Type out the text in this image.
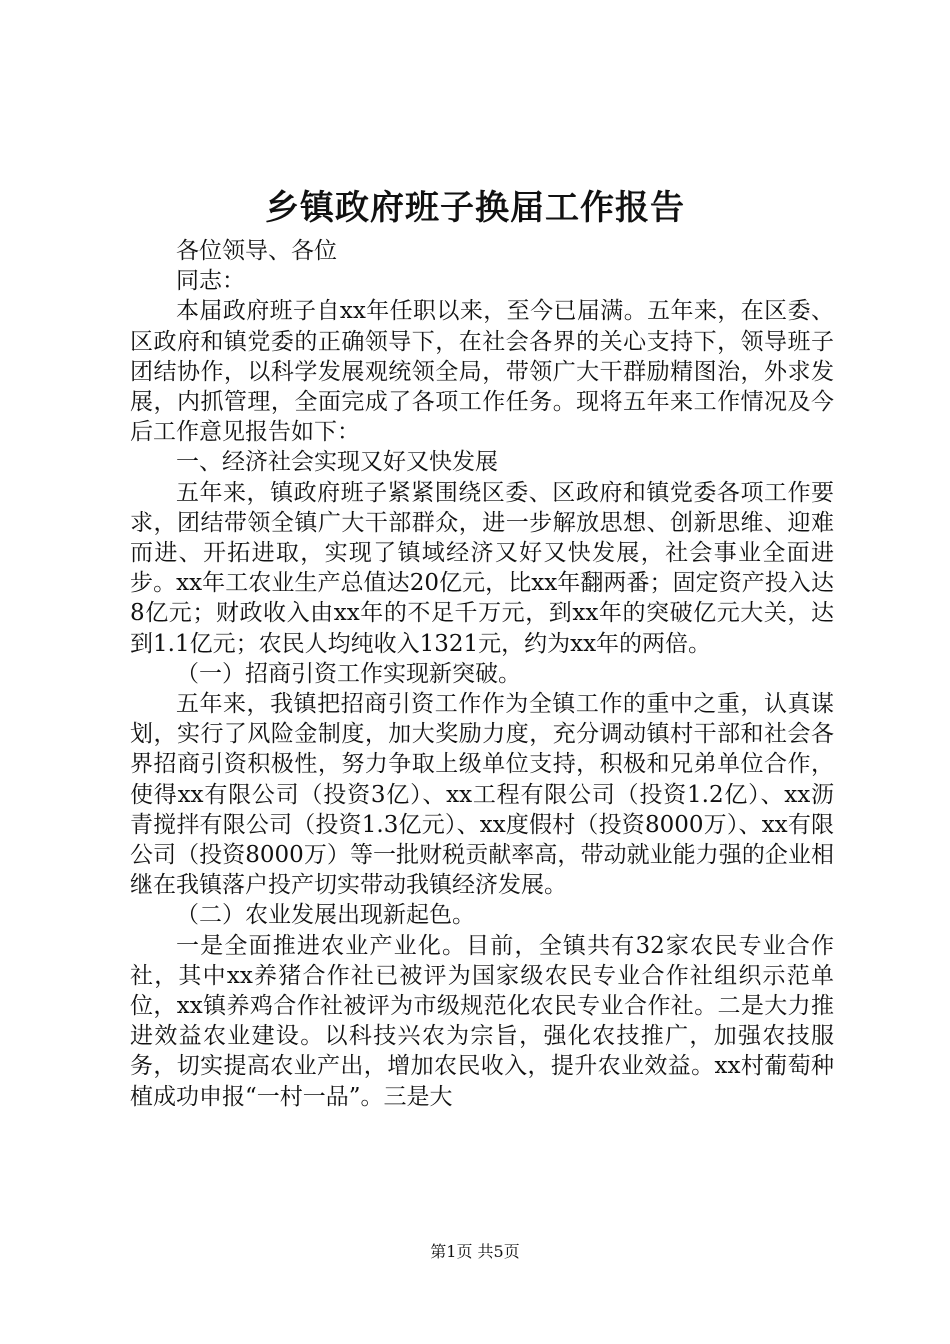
乡镇政府班子换届工作报告

各位领导、各位

同志：

本届政府班子自xx年任职以来，至今已届满。五年来，在区委、区政府和镇党委的正确领导下，在社会各界的关心支持下，领导班子团结协作，以科学发展观统领全局，带领广大干群励精图治，外求发展，内抓管理，全面完成了各项工作任务。现将五年来工作情况及今后工作意见报告如下：

一、经济社会实现又好又快发展

五年来，镇政府班子紧紧围绕区委、区政府和镇党委各项工作要求，团结带领全镇广大干部群众，进一步解放思想、创新思维、迎难而进、开拓进取，实现了镇域经济又好又快发展，社会事业全面进步。xx年工农业生产总值达20亿元，比xx年翻两番；固定资产投入达8亿元；财政收入由xx年的不足千万元，到xx年的突破亿元大关，达到1.1亿元；农民人均纯收入1321元，约为xx年的两倍。

（一）招商引资工作实现新突破。

五年来，我镇把招商引资工作作为全镇工作的重中之重，认真谋划，实行了风险金制度，加大奖励力度，充分调动镇村干部和社会各界招商引资积极性，努力争取上级单位支持，积极和兄弟单位合作，使得xx有限公司（投资3亿）、xx工程有限公司（投资1.2亿）、xx沥青搅拌有限公司（投资1.3亿元）、xx度假村（投资8000万）、xx有限公司（投资8000万）等一批财税贡献率高，带动就业能力强的企业相继在我镇落户投产切实带动我镇经济发展。

（二）农业发展出现新起色。

一是全面推进农业产业化。目前，全镇共有32家农民专业合作社，其中xx养猪合作社已被评为国家级农民专业合作社组织示范单位，xx镇养鸡合作社被评为市级规范化农民专业合作社。二是大力推进效益农业建设。以科技兴农为宗旨，强化农技推广，加强农技服务，切实提高农业产出，增加农民收入，提升农业效益。xx村葡萄种植成功申报“一村一品”。三是大

第1页 共5页
